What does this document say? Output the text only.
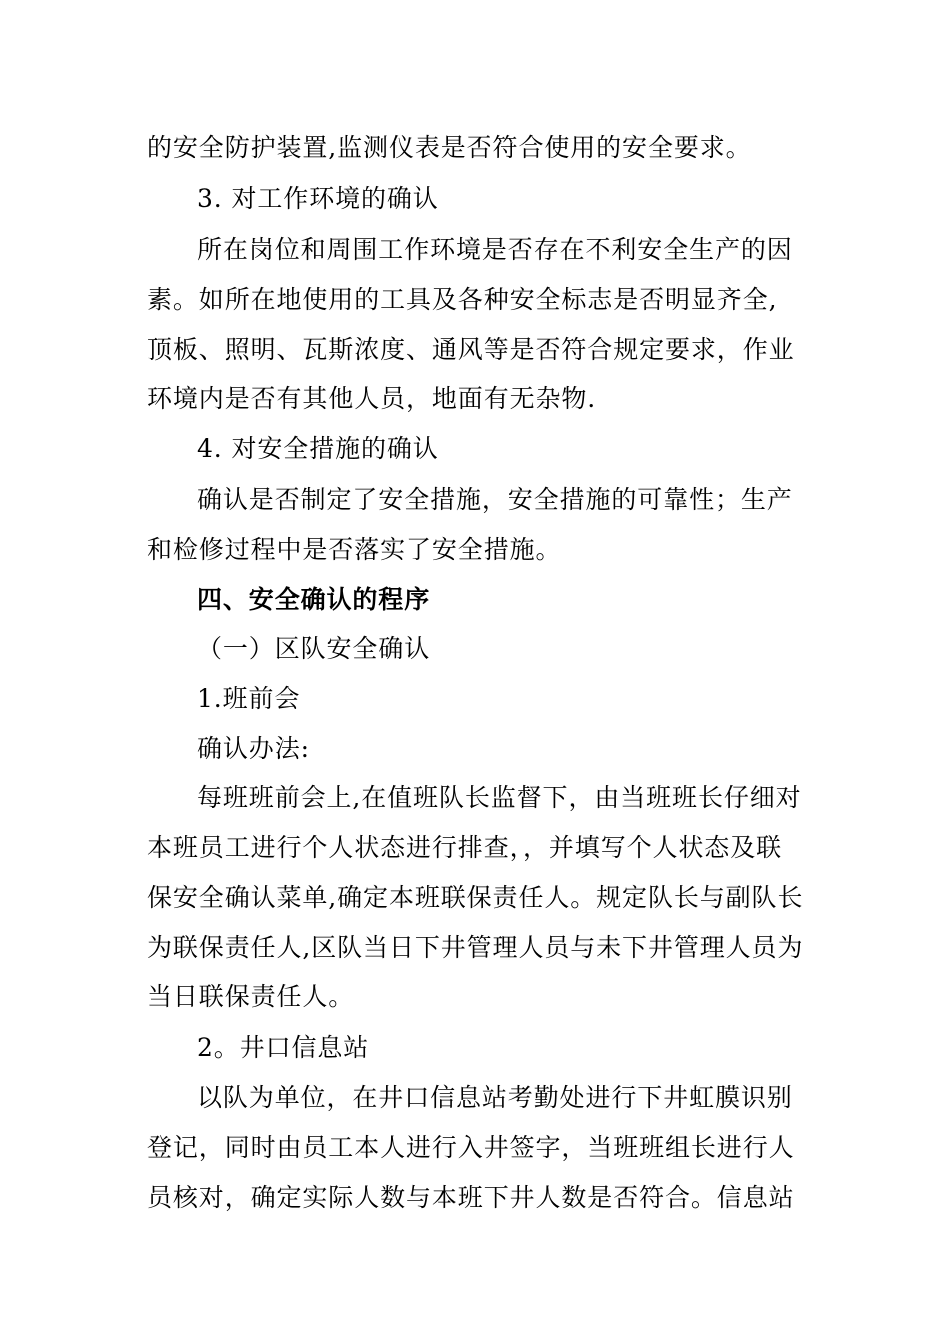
的安全防护装置,监测仪表是否符合使用的安全要求。
3. 对工作环境的确认
所在岗位和周围工作环境是否存在不利安全生产的因
素。如所在地使用的工具及各种安全标志是否明显齐全,
顶板、照明、瓦斯浓度、通风等是否符合规定要求，作业
环境内是否有其他人员，地面有无杂物.
4. 对安全措施的确认
确认是否制定了安全措施，安全措施的可靠性；生产
和检修过程中是否落实了安全措施。
四、安全确认的程序
（一）区队安全确认
1.班前会
确认办法:
每班班前会上,在值班队长监督下，由当班班长仔细对
本班员工进行个人状态进行排查，，并填写个人状态及联
保安全确认菜单,确定本班联保责任人。规定队长与副队长
为联保责任人,区队当日下井管理人员与未下井管理人员为
当日联保责任人。
2。井口信息站
以队为单位，在井口信息站考勤处进行下井虹膜识别
登记，同时由员工本人进行入井签字，当班班组长进行人
员核对，确定实际人数与本班下井人数是否符合。信息站
